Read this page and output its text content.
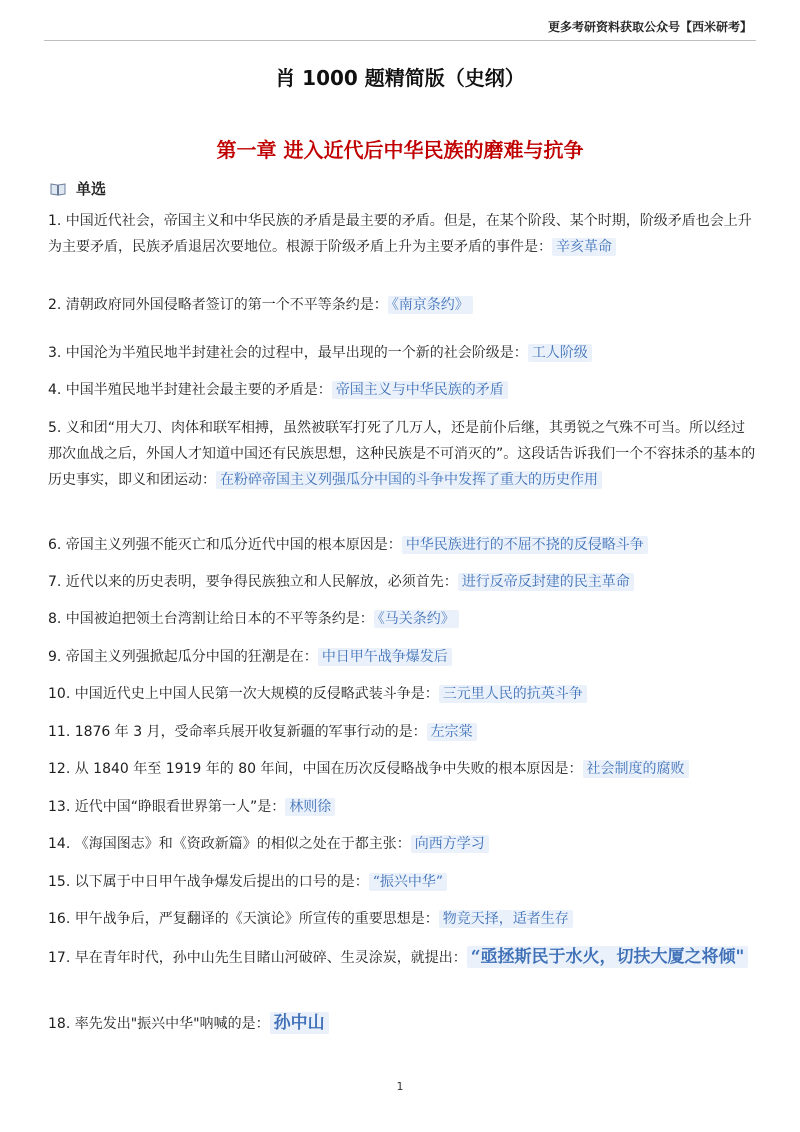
更多考研资料获取公众号【西米研考】
肖 1000 题精简版（史纲）
第一章 进入近代后中华民族的磨难与抗争
单选
1. 中国近代社会，帝国主义和中华民族的矛盾是最主要的矛盾。但是，在某个阶段、某个时期，阶级矛盾也会上升为主要矛盾，民族矛盾退居次要地位。根源于阶级矛盾上升为主要矛盾的事件是： 辛亥革命
2. 清朝政府同外国侵略者签订的第一个不平等条约是： 《南京条约》
3. 中国沦为半殖民地半封建社会的过程中，最早出现的一个新的社会阶级是： 工人阶级
4. 中国半殖民地半封建社会最主要的矛盾是： 帝国主义与中华民族的矛盾
5. 义和团“用大刀、肉体和联军相搏，虽然被联军打死了几万人，还是前仆后继，其勇锐之气殊不可当。所以经过那次血战之后，外国人才知道中国还有民族思想，这种民族是不可消灭的”。这段话告诉我们一个不容抹杀的基本的历史事实，即义和团运动： 在粉碎帝国主义列强瓜分中国的斗争中发挥了重大的历史作用
6. 帝国主义列强不能灭亡和瓜分近代中国的根本原因是： 中华民族进行的不屈不挠的反侵略斗争
7. 近代以来的历史表明，要争得民族独立和人民解放，必须首先： 进行反帝反封建的民主革命
8. 中国被迫把领土台湾割让给日本的不平等条约是： 《马关条约》
9. 帝国主义列强掀起瓜分中国的狂潮是在： 中日甲午战争爆发后
10. 中国近代史上中国人民第一次大规模的反侵略武装斗争是： 三元里人民的抗英斗争
11. 1876 年 3 月，受命率兵展开收复新疆的军事行动的是： 左宗棠
12. 从 1840 年至 1919 年的 80 年间，中国在历次反侵略战争中失败的根本原因是： 社会制度的腐败
13. 近代中国“睁眼看世界第一人”是： 林则徐
14. 《海国图志》和《资政新篇》的相似之处在于都主张： 向西方学习
15. 以下属于中日甲午战争爆发后提出的口号的是： “振兴中华”
16. 甲午战争后，严复翻译的《天演论》所宣传的重要思想是： 物竞天择，适者生存
17. 早在青年时代，孙中山先生目睹山河破碎、生灵涂炭，就提出： “亟拯斯民于水火，切扶大厦之将倾"
18. 率先发出"振兴中华"呐喊的是： 孙中山
1
